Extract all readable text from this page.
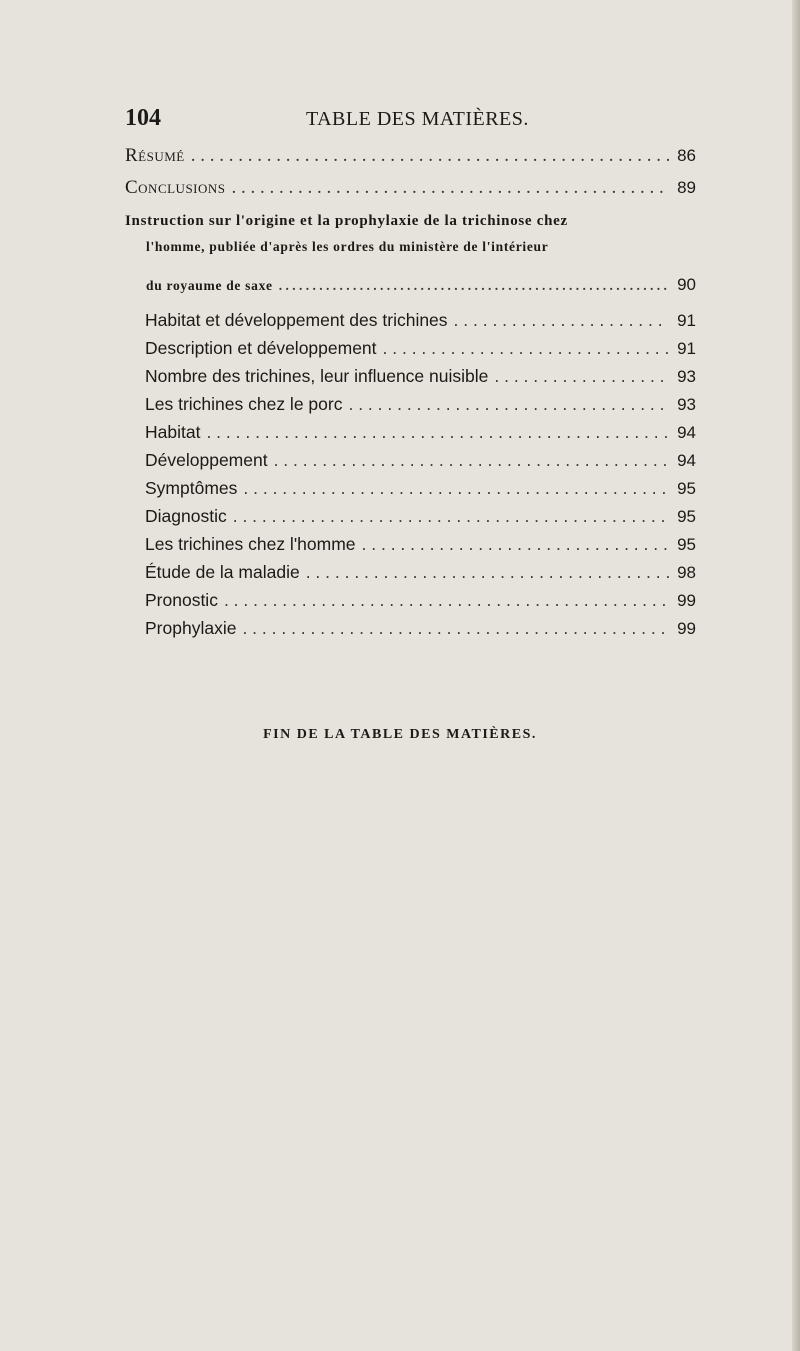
104	TABLE DES MATIÈRES.
Résumé . . .	86
Conclusions . . .	89
Instruction sur l'origine et la prophylaxie de la trichinose chez
l'homme, publiée d'après les ordres du ministère de l'intérieur
du royaume de saxe . . .	90
Habitat et développement des trichines . . .	91
Description et développement . . .	91
Nombre des trichines, leur influence nuisible . . .	93
Les trichines chez le porc . . .	93
Habitat . . .	94
Développement . . .	94
Symptômes . . .	95
Diagnostic . . .	95
Les trichines chez l'homme . . .	95
Étude de la maladie . . .	98
Pronostic . . .	99
Prophylaxie . . .	99
FIN DE LA TABLE DES MATIÈRES.
